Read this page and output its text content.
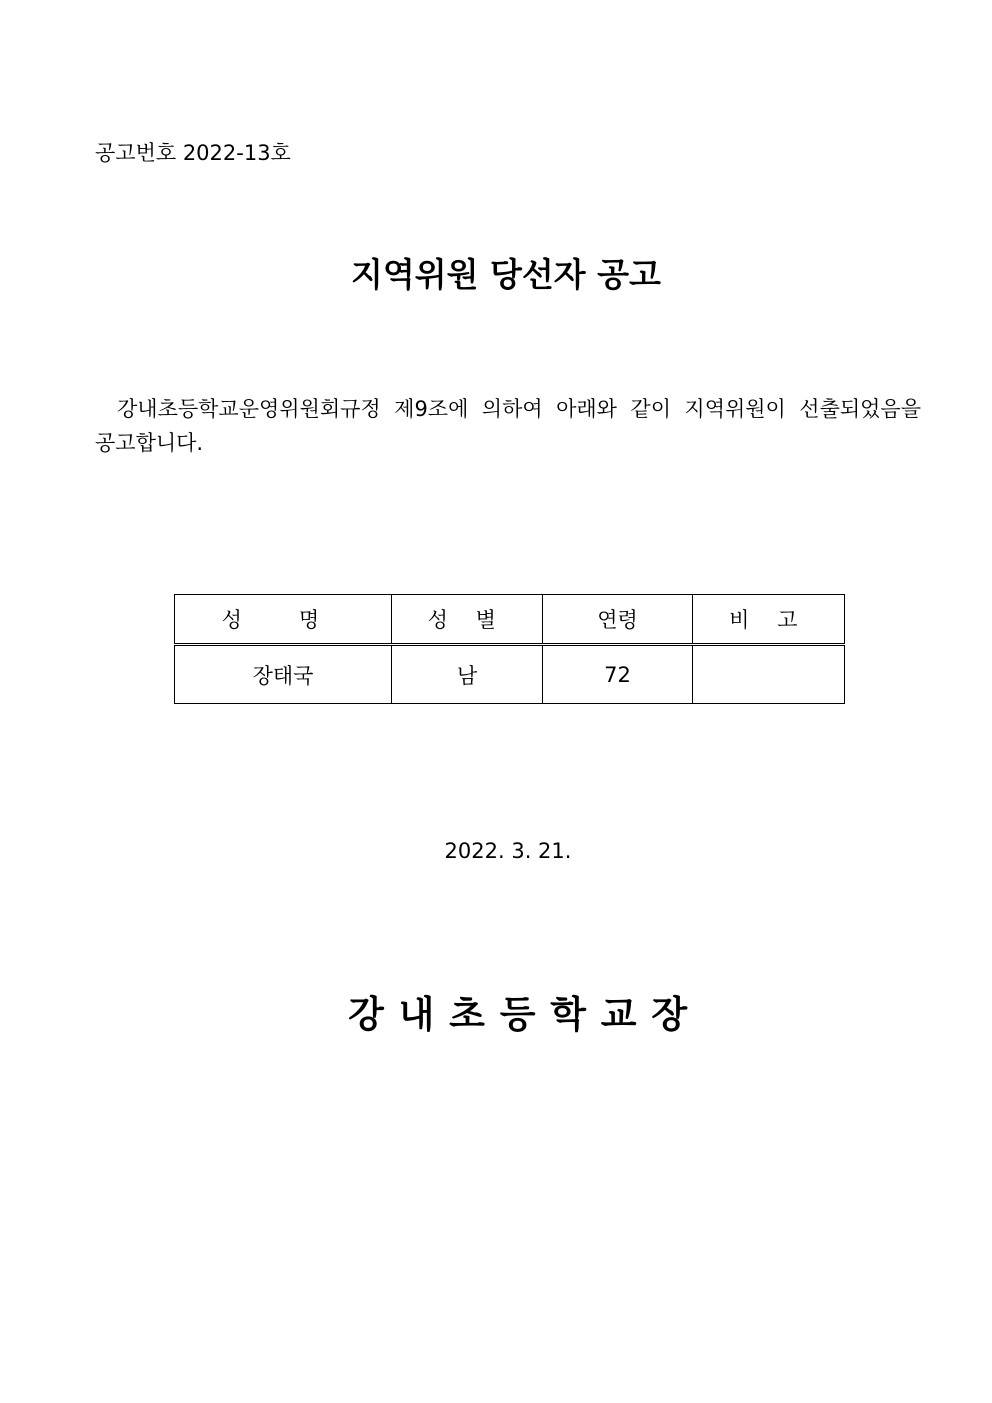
공고번호 2022-13호
지역위원 당선자 공고
강내초등학교운영위원회규정 제9조에 의하여 아래와 같이 지역위원이 선출되었음을 공고합니다.
성 명	성 별	연령	비 고
장태국	남	72	
2022. 3. 21.
강내초등학교장
